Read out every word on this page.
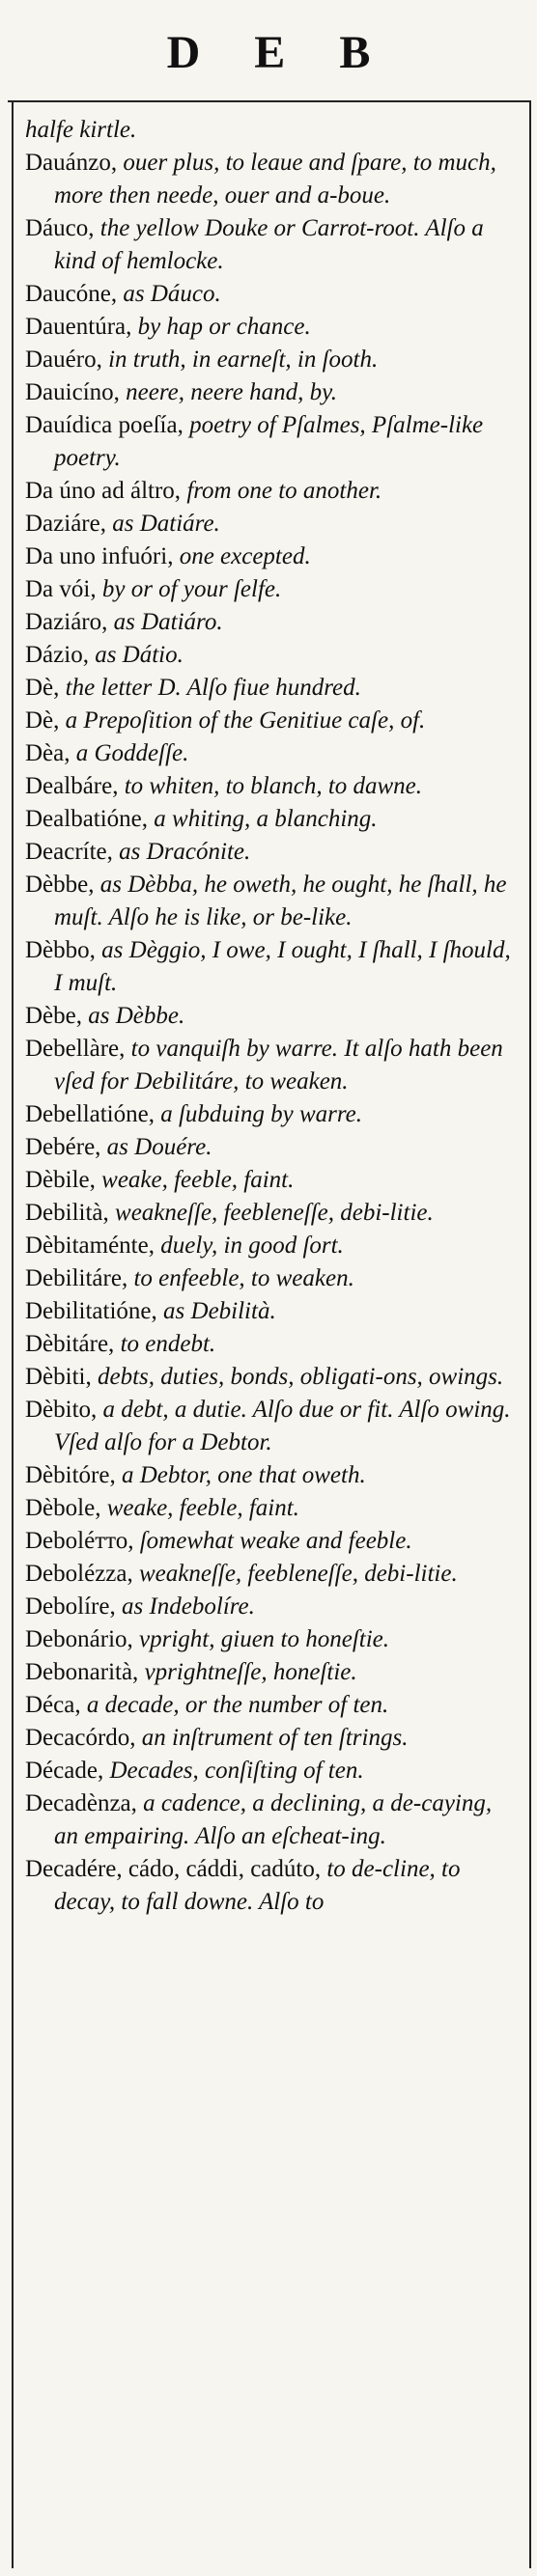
D E B

halfe kirtle.

Dauánzo, ouer plus, to leaue and ſpare, to much, more then neede, ouer and a-boue.

Dáuco, the yellow Douke or Carrot-root. Alſo a kind of hemlocke.

Daucóne, as Dáuco.

Dauentúra, by hap or chance.

Dauéro, in truth, in earneſt, in ſooth.

Dauicíno, neere, neere hand, by.

Dauídica poeſía, poetry of Pſalmes, Pſalme-like poetry.

Da úno ad áltro, from one to another.

Daziáre, as Datiáre.

Da uno infuóri, one excepted.

Da vói, by or of your ſelfe.

Daziáro, as Datiáro.

Dázio, as Dátio.

Dè, the letter D. Alſo fiue hundred.

Dè, a Prepoſition of the Genitiue caſe, of.

Dèa, a Goddeſſe.

Dealbáre, to whiten, to blanch, to dawne.

Dealbatióne, a whiting, a blanching.

Deacríte, as Dracónite.

Dèbbe, as Dèbba, he oweth, he ought, he ſhall, he muſt. Alſo he is like, or be-like.

Dèbbo, as Dèggio, I owe, I ought, I ſhall, I ſhould, I muſt.

Dèbe, as Dèbbe.

Debellàre, to vanquiſh by warre. It alſo hath been vſed for Debilitáre, to weaken.

Debellatióne, a ſubduing by warre.

Debére, as Douére.

Dèbile, weake, feeble, faint.

Debilità, weakneſſe, feebleneſſe, debi-litie.

Dèbitaménte, duely, in good ſort.

Debilitáre, to enfeeble, to weaken.

Debilitatióne, as Debilità.

Dèbitáre, to endebt.

Dèbiti, debts, duties, bonds, obligati-ons, owings.

Dèbito, a debt, a dutie. Alſo due or fit. Alſo owing. Vſed alſo for a Debtor.

Dèbitóre, a Debtor, one that oweth.

Dèbole, weake, feeble, faint.

Deboléтто, ſomewhat weake and feeble.

Debolézza, weakneſſe, feebleneſſe, debi-litie.

Debolíre, as Indebolíre.

Debonário, vpright, giuen to honeſtie.

Debonarità, vprightneſſe, honeſtie.

Déca, a decade, or the number of ten.

Decacórdo, an inſtrument of ten ſtrings.

Décade, Decades, conſiſting of ten.

Decadènza, a cadence, a declining, a de-caying, an empairing. Alſo an eſcheat-ing.

Decadére, cádo, cáddi, cadúto, to de-cline, to decay, to fall downe. Alſo to
